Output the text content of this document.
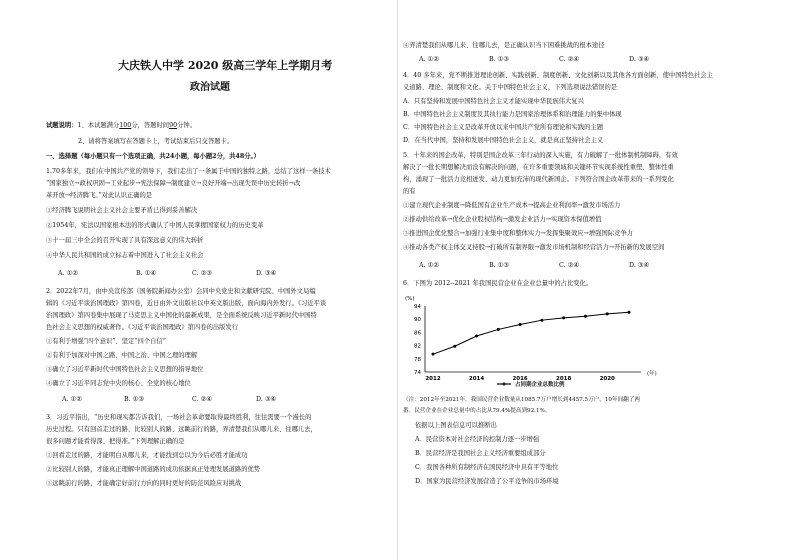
大庆铁人中学 2020 级高三学年上学期月考
政治试题
试题说明：1、本试题满分100分，答题时间90分钟。
2、请将答案填写在答题卡上，考试结束后只交答题卡。
一、选择题（每小题只有一个选项正确，共24小题，每小题2分，共48分。）
1.70多年来，我们在中国共产党的领导下，我们走出了一条属于中国的独特之路，总结了这样一条技术
“国家独立→政权巩固→工业起步→宪法保障→制度建立→良好开端→出现失误中历史转折→改
革开放→经济腾飞。”对此认识正确的是
①经济腾飞说明社会主义社会主要矛盾已得到妥善解决
②1954年，宪法以国家根本法的形式确认了中国人民掌握国家权力的历史变革
③十一届三中全会的召开实现了具有深远意义的伟大转折
④中华人民共和国的成立标志着中国进入了社会主义社会
A. ①②	B. ①④	C. ②③	D. ③④
2．2022年7月，由中央宣传部（国务院新闻办公室）会同中央党史和文献研究院、中国外文局编
辑的《习近平谈治国理政》第四卷，近日由外文出版社以中英文版出版，面向海内外发行。《习近平谈
治国理政》第四卷集中展现了马克思主义中国化的最新成果，是全面系统反映习近平新时代中国特
色社会主义思想的权威著作。《习近平谈治国理政》第四卷的出版发行
①有利于增强“四个意识”、坚定“四个自信”
②有利于加深对中国之路、中国之治、中国之理的理解
③确立了习近平新时代中国特色社会主义思想的指导地位
④确立了习近平同志党中央的核心、全党的核心地位
A. ①②	B. ①③	C. ②④	D. ③④
3．习近平指出，“历史和现实都告诉我们，一场社会革命要取得最终胜利，往往需要一个漫长的
历史过程。只有回首走过的路、比较别人的路、远眺前行的路，弄清楚我们从哪儿来、往哪儿去，
很多问题才能看得深、把得准。”下列理解正确的是
①回看走过的路，才能明白从哪儿来，才能找到总以为今后必胜才能成功
②比较别人的路，才能真正理解中国道路的成功依据真正处理发展道路的优势
③远眺前行的路，才能确定好前行方向的同时更好的防范风险应对挑战
④弄清楚我们从哪儿来、往哪儿去，是正确认识当下困难挑战的根本途径
A. ①②	B. ①③	C. ②④	D. ③④
4．40 多年来，党不断推进理论创新、实践创新、制度创新、文化创新以及其他各方面创新，使中国特色社会主
义道路、理论、制度和文化。关于中国特色社会主义，下列选项说法错误的是
A．只有坚持和发展中国特色社会主义才能实现中华民族伟大复兴
B．中国特色社会主义制度及其执行能力是国家治理体系和治理能力的集中体现
C．中国特色社会主义是改革开放以来中国共产党所有理论和实践的主题
D．在当代中国，坚持和发展中国特色社会主义，就是真正坚持社会主义
5．十年来的国企改革，特别是国企改革三年行动的深入实施，有力破解了一批体制机制障碍，有效
解决了一批长期想解决而没有解决的问题，在许多重要领域和关键环节实现系统性重塑、整体性重
构，涌现了一批活力竞相迸发、动力更加充沛的现代新国企。下列符合国企改革带来的一系列变化
的有
①建立现代企业制度→降低国有企业生产成本→提高企业利润率→激发市场活力
②推动供给改革→优化企业股权结构→激发企业活力→实现资本保值增值
③推进国企优化整合→加强行业集中度和整体实力→发挥集聚效应→增强国际竞争力
④推动各类产权主体交叉持股→打破所有制界限→激发市场机制和经营活力→开拓新的发展空间
A. ①②	B. ①③	C. ②④	D. ③④
6．下图为 2012--2021 年我国民营企业在企业总量中的占比变化。
(%)
74
78
82
86
90
94
2012	2014	2016	2018	2020
(年)
占同期企业总数比例
（注：2012年至2021年，我国民营企业数量从1085.7万户增长到4457.5万户，10年间翻了两
番。民营企业在企业总量中的占比从79.4%提高到92.1%。
依据以上图表信息可以推断出
A．民营资本对社会经济的控制力逐一步增强
B．民营经济是我国社会主义经济重要组成部分
C．我国各种所有制经济在国民经济中具有平等地位
D．国家为民营经济发展营造了公平竞争的市场环境
